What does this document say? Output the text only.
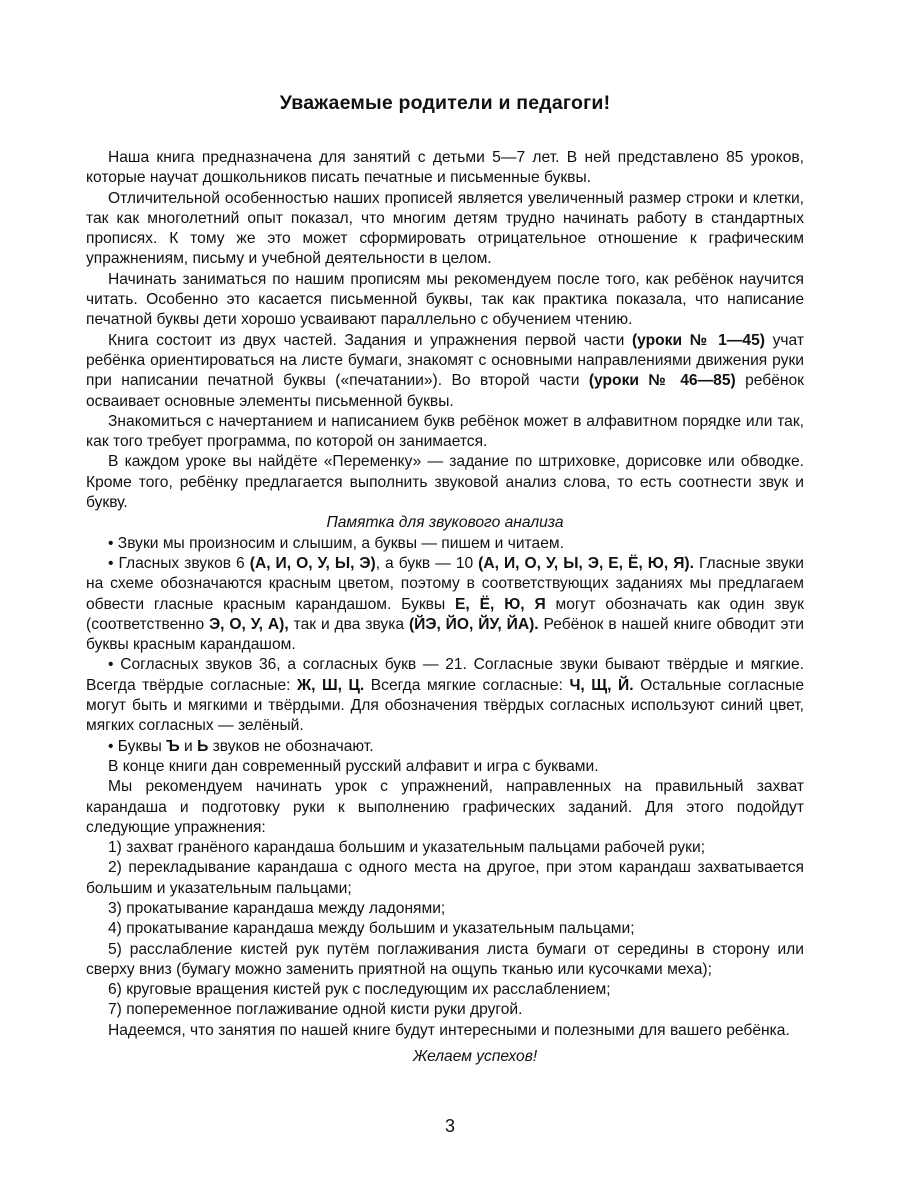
Уважаемые родители и педагоги!

Наша книга предназначена для занятий с детьми 5—7 лет. В ней представлено 85 уроков, которые научат дошкольников писать печатные и письменные буквы.

Отличительной особенностью наших прописей является увеличенный размер строки и клетки, так как многолетний опыт показал, что многим детям трудно начинать работу в стандартных прописях. К тому же это может сформировать отрицательное отношение к графическим упражнениям, письму и учебной деятельности в целом.

Начинать заниматься по нашим прописям мы рекомендуем после того, как ребёнок научится читать. Особенно это касается письменной буквы, так как практика показала, что написание печатной буквы дети хорошо усваивают параллельно с обучением чтению.

Книга состоит из двух частей. Задания и упражнения первой части (уроки № 1—45) учат ребёнка ориентироваться на листе бумаги, знакомят с основными направлениями движения руки при написании печатной буквы («печатании»). Во второй части (уроки № 46—85) ребёнок осваивает основные элементы письменной буквы.

Знакомиться с начертанием и написанием букв ребёнок может в алфавитном порядке или так, как того требует программа, по которой он занимается.

В каждом уроке вы найдёте «Переменку» — задание по штриховке, дорисовке или обводке. Кроме того, ребёнку предлагается выполнить звуковой анализ слова, то есть соотнести звук и букву.

Памятка для звукового анализа

• Звуки мы произносим и слышим, а буквы — пишем и читаем.

• Гласных звуков 6 (А, И, О, У, Ы, Э), а букв — 10 (А, И, О, У, Ы, Э, Е, Ё, Ю, Я). Гласные звуки на схеме обозначаются красным цветом, поэтому в соответствующих заданиях мы предлагаем обвести гласные красным карандашом. Буквы Е, Ё, Ю, Я могут обозначать как один звук (соответственно Э, О, У, А), так и два звука (ЙЭ, ЙО, ЙУ, ЙА). Ребёнок в нашей книге обводит эти буквы красным карандашом.

• Согласных звуков 36, а согласных букв — 21. Согласные звуки бывают твёрдые и мягкие. Всегда твёрдые согласные: Ж, Ш, Ц. Всегда мягкие согласные: Ч, Щ, Й. Остальные согласные могут быть и мягкими и твёрдыми. Для обозначения твёрдых согласных используют синий цвет, мягких согласных — зелёный.

• Буквы Ъ и Ь звуков не обозначают.

В конце книги дан современный русский алфавит и игра с буквами.

Мы рекомендуем начинать урок с упражнений, направленных на правильный захват карандаша и подготовку руки к выполнению графических заданий. Для этого подойдут следующие упражнения:

1) захват гранёного карандаша большим и указательным пальцами рабочей руки;

2) перекладывание карандаша с одного места на другое, при этом карандаш захватывается большим и указательным пальцами;

3) прокатывание карандаша между ладонями;

4) прокатывание карандаша между большим и указательным пальцами;

5) расслабление кистей рук путём поглаживания листа бумаги от середины в сторону или сверху вниз (бумагу можно заменить приятной на ощупь тканью или кусочками меха);

6) круговые вращения кистей рук с последующим их расслаблением;

7) попеременное поглаживание одной кисти руки другой.

Надеемся, что занятия по нашей книге будут интересными и полезными для вашего ребёнка.

Желаем успехов!

3
